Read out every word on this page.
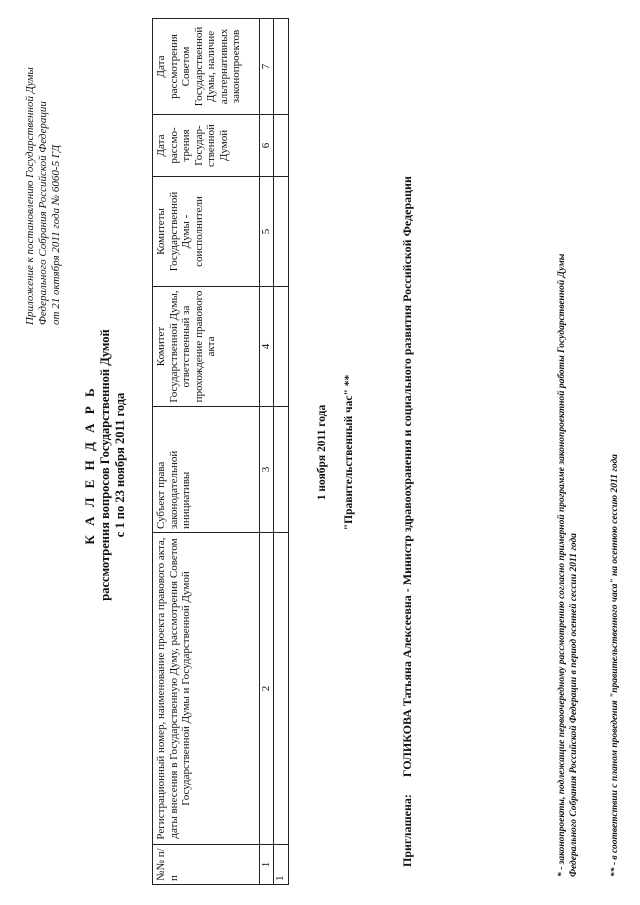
Приложение к постановлению Государственной Думы Федерального Собрания Российской Федерации от 21 октября 2011 года № 6060-5 ГД
К А Л Е Н Д А Р Ь рассмотрения вопросов Государственной Думой с 1 по 23 ноября 2011 года
№№ п/п	Регистрационный номер, наименование проекта правового акта, даты внесения в Государственную Думу, рассмотрения Советом Государственной Думы и Государственной Думой	Субъект права законодательной инициативы	Комитет Государственной Думы, ответственный за прохождение правового акта	Комитеты Государственной Думы - соисполнители	Дата рассмо-трения Государ-ственной Думой	Дата рассмотрения Советом Государственной Думы, наличие альтернативных законопроектов
1	2	3	4	5	6	7
1						
1 ноября 2011 года "Правительственный час" **
Приглашена: ГОЛИКОВА Татьяна Алексеевна - Министр здравоохранения и социального развития Российской Федерации	* - законопроекты, подлежащие первоочередному рассмотрению согласно примерной программе законопроектной работы Государственной Думы Федерального Собрания Российской Федерации в период осенней сессии 2011 года	** - в соответствии с планом проведения "правительственного часа" на осеннюю сессию 2011 года
